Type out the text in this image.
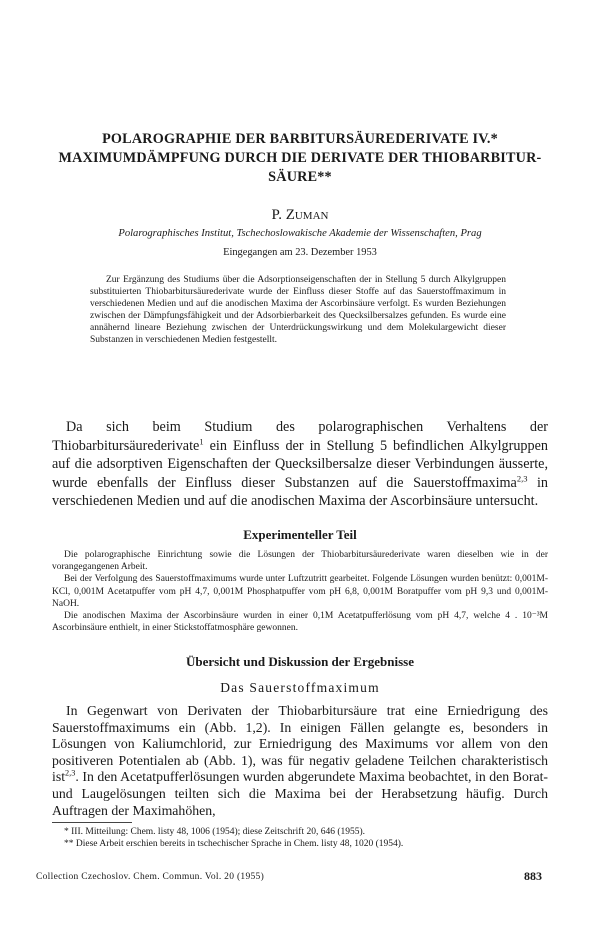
POLAROGRAPHIE DER BARBITURSÄUREDERIVATE IV.*
MAXIMUMDÄMPFUNG DURCH DIE DERIVATE DER THIOBARBITUR-
SÄURE**
P. Zuman
Polarographisches Institut, Tschechoslowakische Akademie der Wissenschaften, Prag
Eingegangen am 23. Dezember 1953

Zur Ergänzung des Studiums über die Adsorptionseigenschaften der in Stellung 5 durch Alkylgruppen substituierten Thiobarbitursäurederivate wurde der Einfluss dieser Stoffe auf das Sauerstoffmaximum in verschiedenen Medien und auf die anodischen Maxima der Ascorbinsäure verfolgt. Es wurden Beziehungen zwischen der Dämpfungsfähigkeit und der Adsorbierbarkeit des Quecksilbersalzes gefunden. Es wurde eine annähernd lineare Beziehung zwischen der Unterdrückungswirkung und dem Molekulargewicht dieser Substanzen in verschiedenen Medien festgestellt.

Da sich beim Studium des polarographischen Verhaltens der Thiobarbitursäurederivate$^1$ ein Einfluss der in Stellung 5 befindlichen Alkylgruppen auf die adsorptiven Eigenschaften der Quecksilbersalze dieser Verbindungen äusserte, wurde ebenfalls der Einfluss dieser Substanzen auf die Sauerstoffmaxima$^{2,3}$ in verschiedenen Medien und auf die anodischen Maxima der Ascorbinsäure untersucht.

Experimenteller Teil

Die polarographische Einrichtung sowie die Lösungen der Thiobarbitursäurederivate waren dieselben wie in der vorangegangenen Arbeit.

Bei der Verfolgung des Sauerstoffmaximums wurde unter Luftzutritt gearbeitet. Folgende Lösungen wurden benützt: 0,001M-KCl, 0,001M Acetatpuffer vom pH 4,7, 0,001M Phosphatpuffer vom pH 6,8, 0,001M Boratpuffer vom pH 9,3 und 0,001M-NaOH.

Die anodischen Maxima der Ascorbinsäure wurden in einer 0,1M Acetatpufferlösung vom pH 4,7, welche 4 . 10⁻³M Ascorbinsäure enthielt, in einer Stickstoffatmosphäre gewonnen.

Übersicht und Diskussion der Ergebnisse
Das Sauerstoffmaximum

In Gegenwart von Derivaten der Thiobarbitursäure trat eine Erniedrigung des Sauerstoffmaximums ein (Abb. 1,2). In einigen Fällen gelangte es, besonders in Lösungen von Kaliumchlorid, zur Erniedrigung des Maximums vor allem von den positiveren Potentialen ab (Abb. 1), was für negativ geladene Teilchen charakteristisch ist$^{2,3}$. In den Acetatpufferlösungen wurden abgerundete Maxima beobachtet, in den Borat- und Laugelösungen teilten sich die Maxima bei der Herabsetzung häufig. Durch Auftragen der Maximahöhen,

* III. Mitteilung: Chem. listy 48, 1006 (1954); diese Zeitschrift 20, 646 (1955).
** Diese Arbeit erschien bereits in tschechischer Sprache in Chem. listy 48, 1020 (1954).
Collection Czechoslov. Chem. Commun. Vol. 20 (1955)	883
